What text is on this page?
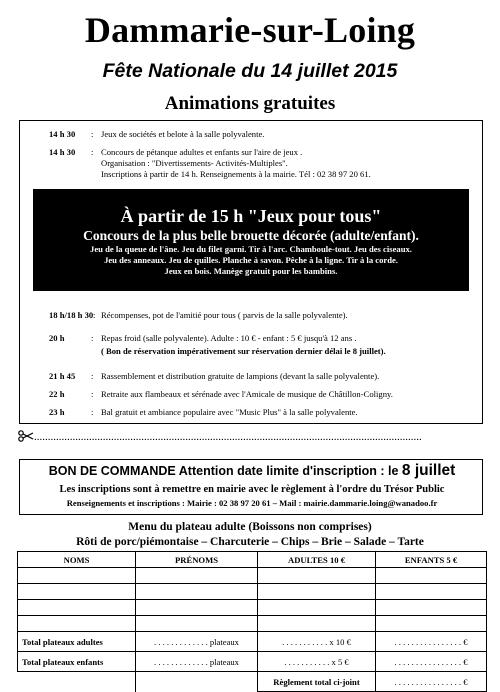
Dammarie-sur-Loing
Fête Nationale du 14 juillet 2015
Animations gratuites
14 h 30	: Jeux de sociétés et belote à la salle polyvalente.
14 h 30	: Concours de pétanque adultes et enfants sur l'aire de jeux .
Organisation : "Divertissements- Activités-Multiples".
Inscriptions à partir de 14 h. Renseignements à la mairie. Tél : 02 38 97 20 61.
À partir de 15 h "Jeux pour tous"
Concours de la plus belle brouette décorée (adulte/enfant).
Jeu de la queue de l'âne. Jeu du filet garni. Tir à l'arc. Chamboule-tout. Jeu des ciseaux.
Jeu des anneaux. Jeu de quilles. Planche à savon. Pêche à la ligne. Tir à la corde.
Jeux en bois. Manège gratuit pour les bambins.
18 h/18 h 30 : Récompenses, pot de l'amitié pour tous ( parvis de la salle polyvalente).
20 h	: Repas froid (salle polyvalente). Adulte : 10 € - enfant : 5 € jusqu'à 12 ans .
( Bon de réservation impérativement sur réservation dernier délai le 8 juillet).
21 h 45	: Rassemblement et distribution gratuite de lampions (devant la salle polyvalente).
22 h	: Retraite aux flambeaux et sérénade avec l'Amicale de musique de Châtillon-Coligny.
23 h	: Bal gratuit et ambiance populaire avec "Music Plus" à la salle polyvalente.
.............................................................................................................................................
BON DE COMMANDE Attention date limite d'inscription : le 8 juillet
Les inscriptions sont à remettre en mairie avec le règlement à l'ordre du Trésor Public
Renseignements et inscriptions : Mairie : 02 38 97 20 61 – Mail : mairie.dammarie.loing@wanadoo.fr
Menu du plateau adulte (Boissons non comprises)
Rôti de porc/piémontaise – Charcuterie – Chips – Brie – Salade – Tarte
NOMS	PRÉNOMS	ADULTES 10 €	ENFANTS 5 €

Total plateaux adultes	. . . . . . . . . . . . . plateaux	. . . . . . . . . . . x 10 €	. . . . . . . . . . . . . . . . €
Total plateaux enfants	. . . . . . . . . . . . . plateaux	. . . . . . . . . . . x 5 €	. . . . . . . . . . . . . . . . €
		Règlement total ci-joint	. . . . . . . . . . . . . . . . €
